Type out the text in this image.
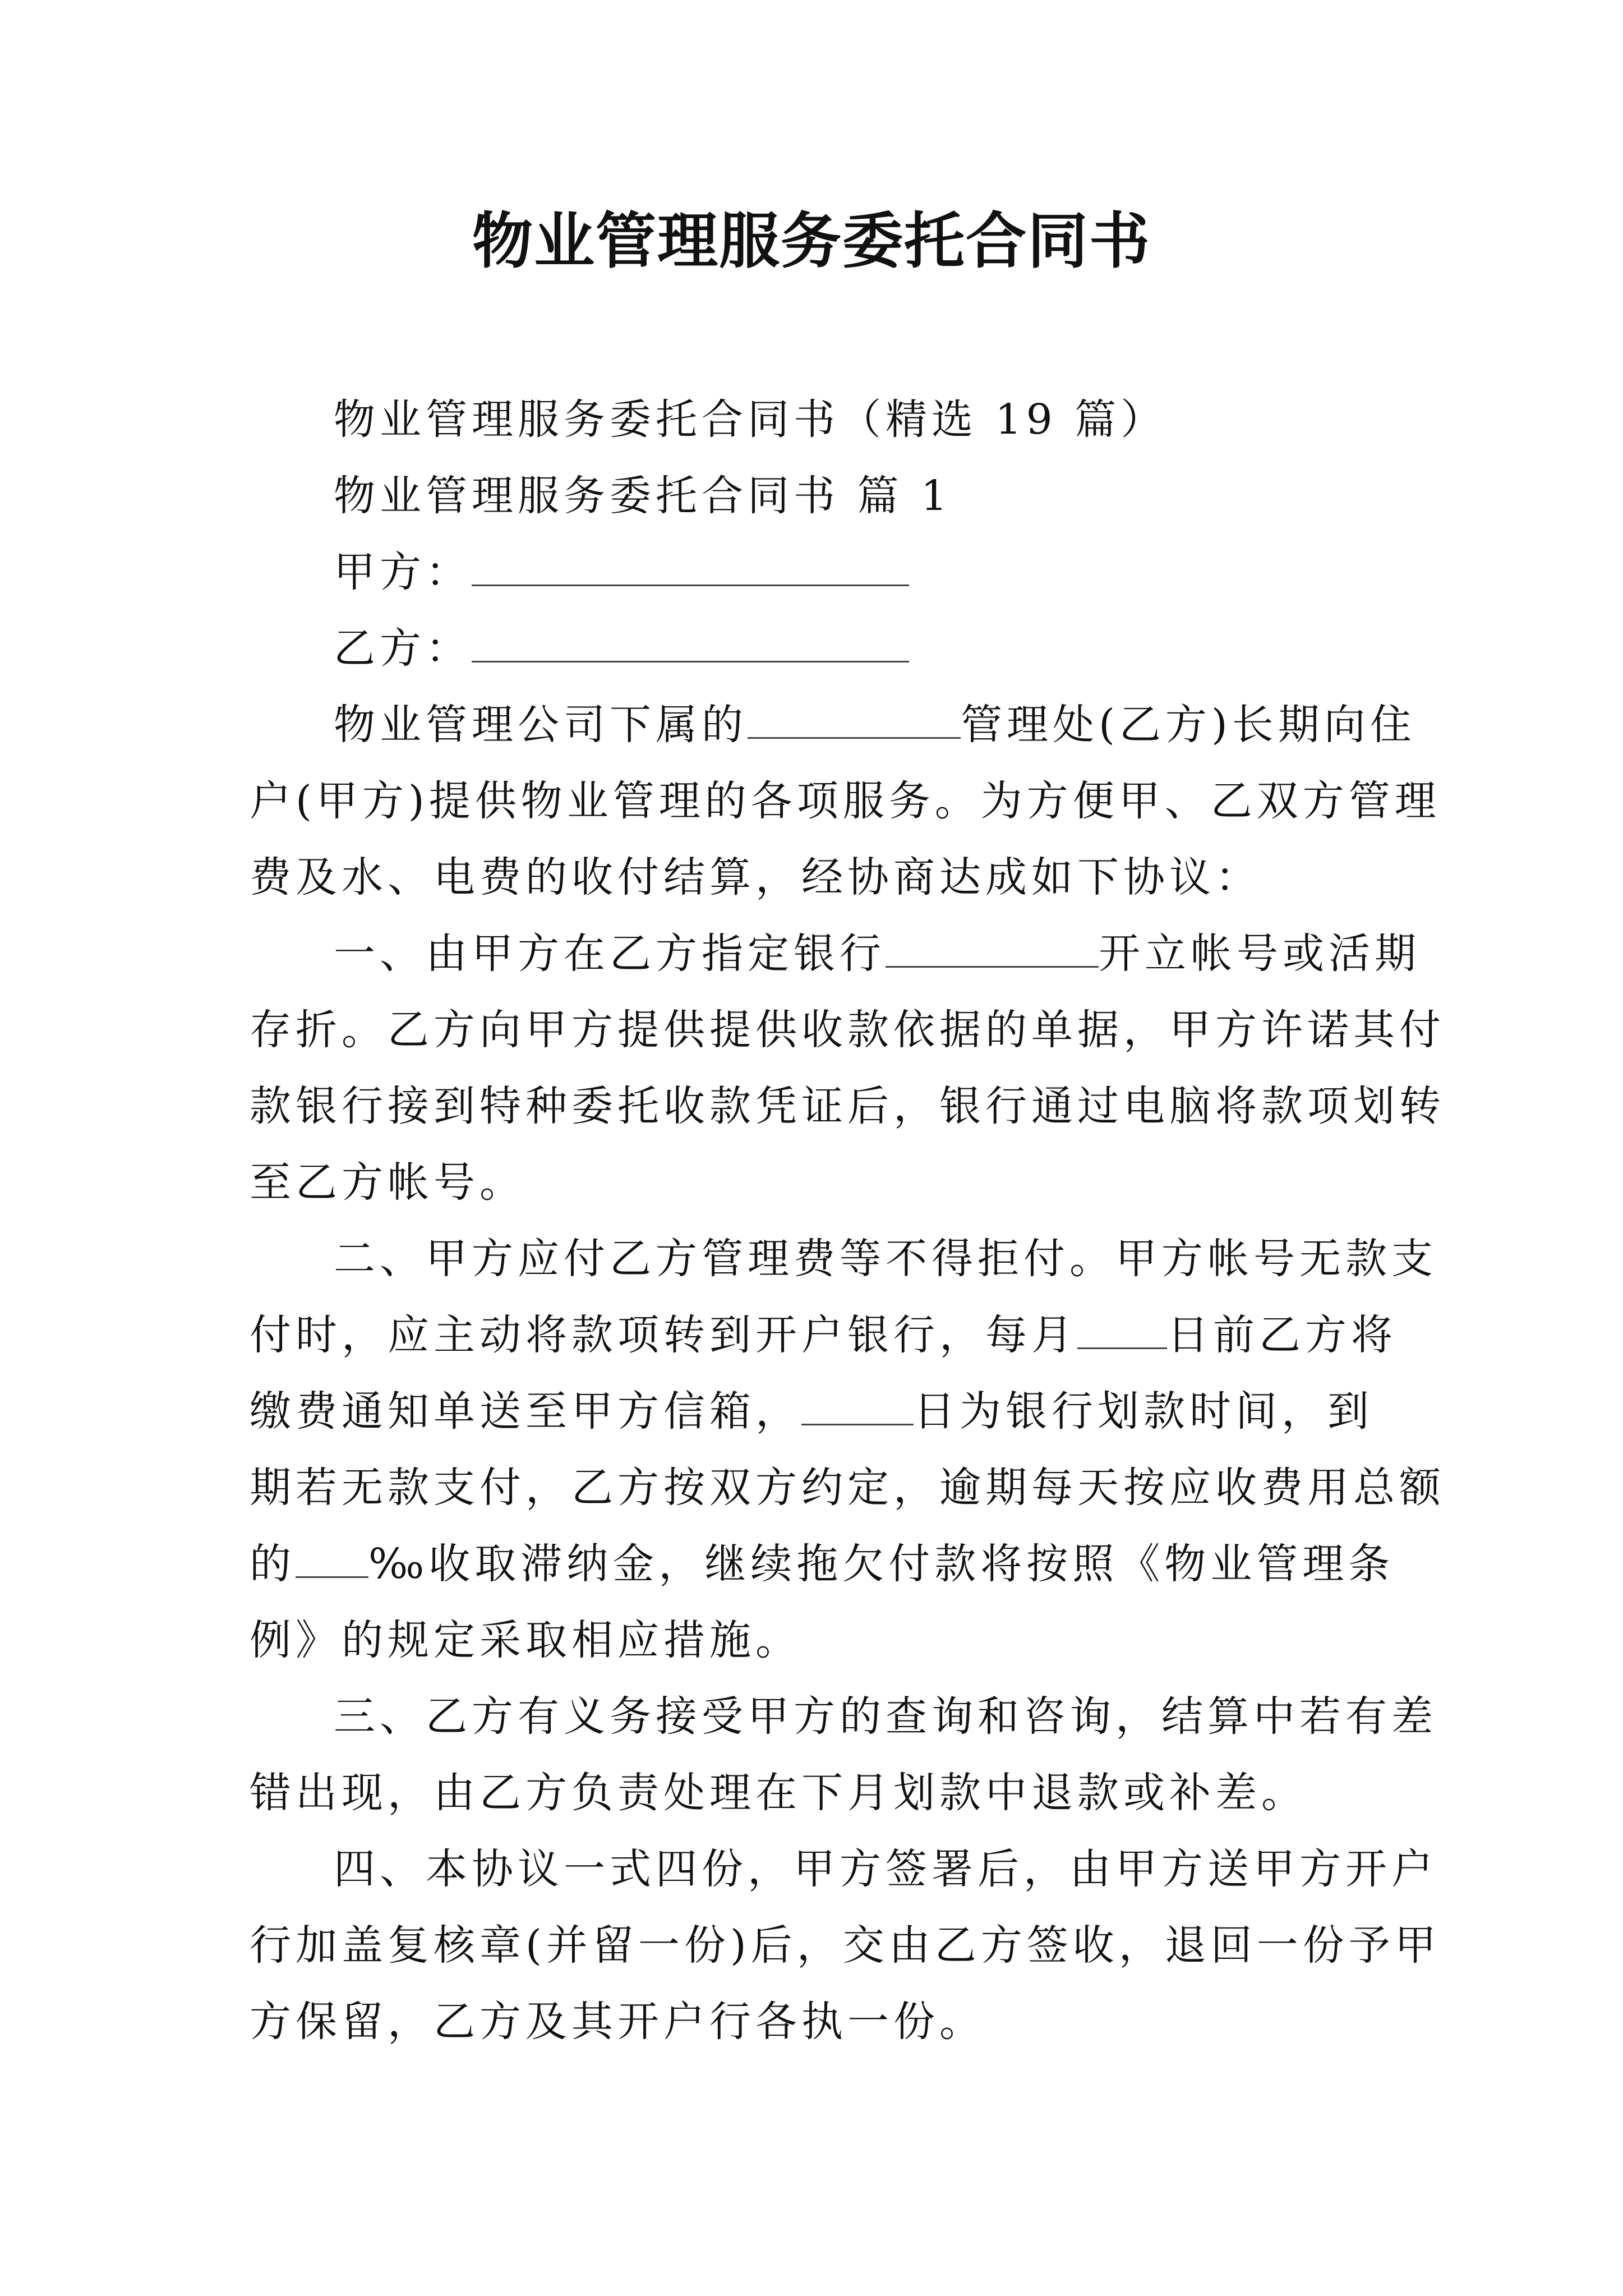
物业管理服务委托合同书
物业管理服务委托合同书（精选 19 篇）
物业管理服务委托合同书 篇 1
甲方：
乙方：
物业管理公司下属的	管理处(乙方)长期向住
户(甲方)提供物业管理的各项服务。为方便甲、乙双方管理
费及水、电费的收付结算，经协商达成如下协议：
一、由甲方在乙方指定银行	开立帐号或活期
存折。乙方向甲方提供提供收款依据的单据，甲方许诺其付
款银行接到特种委托收款凭证后，银行通过电脑将款项划转
至乙方帐号。
二、甲方应付乙方管理费等不得拒付。甲方帐号无款支
付时，应主动将款项转到开户银行，每月 日前乙方将
缴费通知单送至甲方信箱，	日为银行划款时间，到
期若无款支付，乙方按双方约定，逾期每天按应收费用总额
的 ‰收取滞纳金，继续拖欠付款将按照《物业管理条
例》的规定采取相应措施。
三、乙方有义务接受甲方的查询和咨询，结算中若有差
错出现，由乙方负责处理在下月划款中退款或补差。
四、本协议一式四份，甲方签署后，由甲方送甲方开户
行加盖复核章(并留一份)后，交由乙方签收，退回一份予甲
方保留，乙方及其开户行各执一份。
